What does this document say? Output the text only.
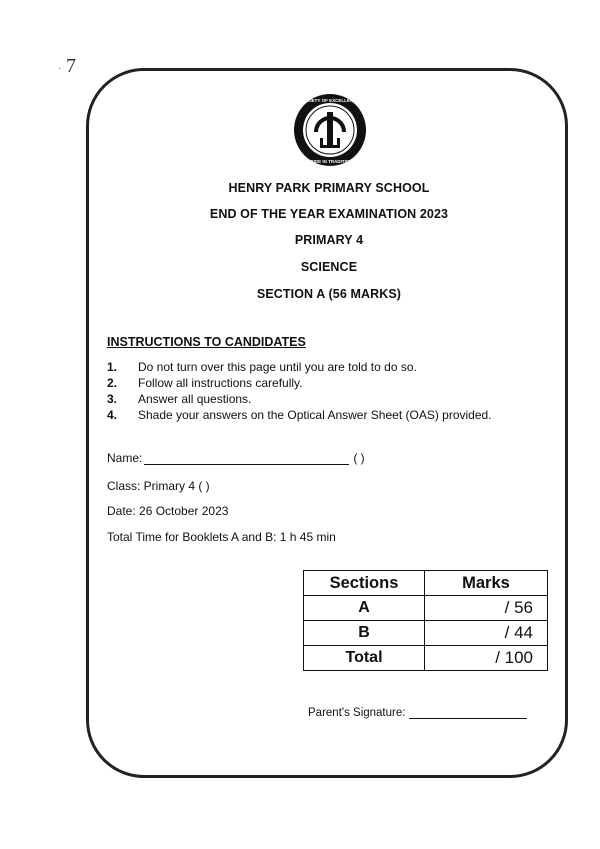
· 7
SOCIETY OF EXCELLENCE
PRIDE IN TRADITION
HENRY PARK PRIMARY SCHOOL
END OF THE YEAR EXAMINATION 2023
PRIMARY 4
SCIENCE
SECTION A (56 MARKS)
INSTRUCTIONS TO CANDIDATES
1.	Do not turn over this page until you are told to do so.
2.	Follow all instructions carefully.
3.	Answer all questions.
4.	Shade your answers on the Optical Answer Sheet (OAS) provided.
Name:	( )
Class: Primary 4 ( )
Date: 26 October 2023
Total Time for Booklets A and B: 1 h 45 min
Sections	Marks
A	/ 56
B	/ 44
Total	/ 100
Parent's Signature:
